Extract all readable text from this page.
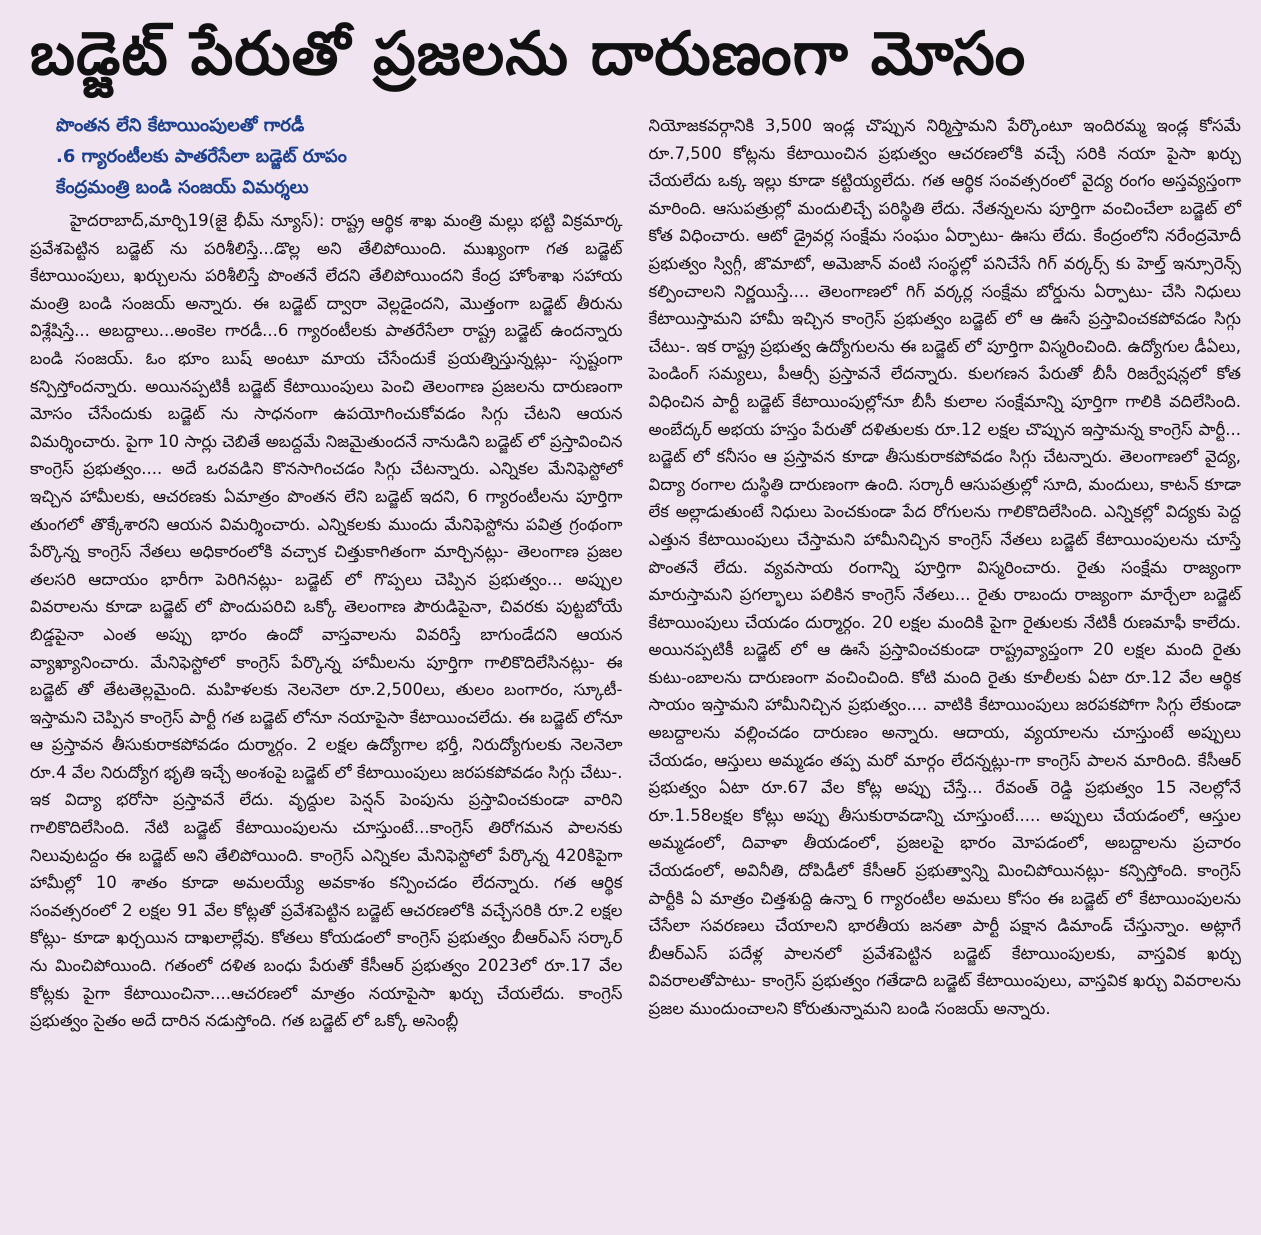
బడ్జెట్ పేరుతో ప్రజలను దారుణంగా మోసం

పొంతన లేని కేటాయింపులతో గారడీ

.6 గ్యారంటీలకు పాతరేసేలా బడ్జెట్ రూపం

కేంద్రమంత్రి బండి సంజయ్ విమర్శలు

హైదరాబాద్,మార్చి19(జై భీమ్ న్యూస్): రాష్ట్ర ఆర్థిక శాఖ మంత్రి మల్లు భట్టి విక్రమార్క ప్రవేశపెట్టిన బడ్జెట్ ను పరిశీలిస్తే...డొల్ల అని తేలిపోయింది. ముఖ్యంగా గత బడ్జెట్ కేటాయింపులు, ఖర్చులను పరిశీలిస్తే పొంతనే లేదని తేలిపోయిందని కేంద్ర హోంశాఖ సహాయ మంత్రి బండి సంజయ్ అన్నారు. ఈ బడ్జెట్ ద్వారా వెల్లడైందని, మొత్తంగా బడ్జెట్ తీరును విశ్లేషిస్తే... అబద్దాలు...అంకెల గారడీ...6 గ్యారంటీలకు పాతరేసేలా రాష్ట్ర బడ్జెట్ ఉందన్నారు బండి సంజయ్. ఓం భూం బుష్ అంటూ మాయ చేసేందుకే ప్రయత్నిస్తున్నట్లు- స్పష్టంగా కన్పిస్తోందన్నారు. అయినప్పటికీ బడ్జెట్ కేటాయింపులు పెంచి తెలంగాణ ప్రజలను దారుణంగా మోసం చేసేందుకు బడ్జెట్ ను సాధనంగా ఉపయోగించుకోవడం సిగ్గు చేటని ఆయన విమర్శించారు. పైగా 10 సార్లు చెబితే అబద్దమే నిజమైతుందనే నానుడిని బడ్జెట్ లో ప్రస్తావించిన కాంగ్రెస్ ప్రభుత్వం.... అదే ఒరవడిని కొనసాగించడం సిగ్గు చేటన్నారు. ఎన్నికల మేనిఫెస్టోలో ఇచ్చిన హామీలకు, ఆచరణకు ఏమాత్రం పొంతన లేని బడ్జెట్ ఇదని, 6 గ్యారంటీలను పూర్తిగా తుంగలో తొక్కేశారని ఆయన విమర్శించారు. ఎన్నికలకు ముందు మేనిఫెస్టోను పవిత్ర గ్రంథంగా పేర్కొన్న కాంగ్రెస్ నేతలు అధికారంలోకి వచ్చాక చిత్తుకాగితంగా మార్చినట్లు- తెలంగాణ ప్రజల తలసరి ఆదాయం భారీగా పెరిగినట్లు- బడ్జెట్ లో గొప్పలు చెప్పిన ప్రభుత్వం... అప్పుల వివరాలను కూడా బడ్జెట్ లో పొందుపరిచి ఒక్కో తెలంగాణ పౌరుడిపైనా, చివరకు పుట్టబోయే బిడ్డపైనా ఎంత అప్పు భారం ఉందో వాస్తవాలను వివరిస్తే బాగుండేదని ఆయన వ్యాఖ్యానించారు. మేనిఫెస్టోలో కాంగ్రెస్ పేర్కొన్న హామీలను పూర్తిగా గాలికొదిలేసినట్లు- ఈ బడ్జెట్ తో తేటతెల్లమైంది. మహిళలకు నెలనెలా రూ.2,500లు, తులం బంగారం, స్కూటీ- ఇస్తామని చెప్పిన కాంగ్రెస్ పార్టీ గత బడ్జెట్ లోనూ నయాపైసా కేటాయించలేదు. ఈ బడ్జెట్ లోనూ ఆ ప్రస్తావన తీసుకురాకపోవడం దుర్మార్గం. 2 లక్షల ఉద్యోగాల భర్తీ, నిరుద్యోగులకు నెలనెలా రూ.4 వేల నిరుద్యోగ భృతి ఇచ్చే అంశంపై బడ్జెట్ లో కేటాయింపులు జరపకపోవడం సిగ్గు చేటు-. ఇక విద్యా భరోసా ప్రస్తావనే లేదు. వృద్దుల పెన్షన్ పెంపును ప్రస్తావించకుండా వారిని గాలికొదిలేసింది. నేటి బడ్జెట్ కేటాయింపులను చూస్తుంటే...కాంగ్రెస్ తిరోగమన పాలనకు నిలువుటద్దం ఈ బడ్జెట్ అని తేలిపోయింది. కాంగ్రెస్ ఎన్నికల మేనిఫెస్టోలో పేర్కొన్న 420కిపైగా హామీల్లో 10 శాతం కూడా అమలయ్యే అవకాశం కన్పించడం లేదన్నారు. గత ఆర్థిక సంవత్సరంలో 2 లక్షల 91 వేల కోట్లతో ప్రవేశపెట్టిన బడ్జెట్ ఆచరణలోకి వచ్చేసరికి రూ.2 లక్షల కోట్లు- కూడా ఖర్చయిన దాఖలాల్లేవు. కోతలు కోయడంలో కాంగ్రెస్ ప్రభుత్వం బీఆర్ఎస్ సర్కార్ ను మించిపోయింది. గతంలో దళిత బంధు పేరుతో కేసీఆర్ ప్రభుత్వం 2023లో రూ.17 వేల కోట్లకు పైగా కేటాయించినా....ఆచరణలో మాత్రం నయాపైసా ఖర్చు చేయలేదు. కాంగ్రెస్ ప్రభుత్వం సైతం అదే దారిన నడుస్తోంది. గత బడ్జెట్ లో ఒక్కో అసెంబ్లీ

నియోజకవర్గానికి 3,500 ఇండ్ల చొప్పున నిర్మిస్తామని పేర్కొంటూ ఇందిరమ్మ ఇండ్ల కోసమే రూ.7,500 కోట్లను కేటాయించిన ప్రభుత్వం ఆచరణలోకి వచ్చే సరికి నయా పైసా ఖర్చు చేయలేదు ఒక్క ఇల్లు కూడా కట్టియ్యలేదు. గత ఆర్థిక సంవత్సరంలో వైద్య రంగం అస్తవ్యస్తంగా మారింది. ఆసుపత్రుల్లో మందులిచ్చే పరిస్థితి లేదు. నేతన్నలను పూర్తిగా వంచించేలా బడ్జెట్ లో కోత విధించారు. ఆటో డ్రైవర్ల సంక్షేమ సంఘం ఏర్పాటు- ఊసు లేదు. కేంద్రంలోని నరేంద్రమోదీ ప్రభుత్వం స్విగ్గీ, జొమాటో, అమెజాన్ వంటి సంస్థల్లో పనిచేసే గిగ్ వర్కర్స్ కు హెల్త్ ఇన్సూరెన్స్ కల్పించాలని నిర్ణయిస్తే.... తెలంగాణలో గిగ్ వర్కర్ల సంక్షేమ బోర్డును ఏర్పాటు- చేసి నిధులు కేటాయిస్తామని హామీ ఇచ్చిన కాంగ్రెస్ ప్రభుత్వం బడ్జెట్ లో ఆ ఊసే ప్రస్తావించకపోవడం సిగ్గు చేటు-. ఇక రాష్ట్ర ప్రభుత్వ ఉద్యోగులను ఈ బడ్జెట్ లో పూర్తిగా విస్మరించింది. ఉద్యోగుల డీఏలు, పెండింగ్ సమ్యలు, పీఆర్సీ ప్రస్తావనే లేదన్నారు. కులగణన పేరుతో బీసీ రిజర్వేషన్లలో కోత విధించిన పార్టీ బడ్జెట్ కేటాయింపుల్లోనూ బీసీ కులాల సంక్షేమాన్ని పూర్తిగా గాలికి వదిలేసింది. అంబేద్కర్ అభయ హస్తం పేరుతో దళితులకు రూ.12 లక్షల చొప్పున ఇస్తామన్న కాంగ్రెస్ పార్టీ... బడ్జెట్ లో కనీసం ఆ ప్రస్తావన కూడా తీసుకురాకపోవడం సిగ్గు చేటన్నారు. తెలంగాణలో వైద్య, విద్యా రంగాల దుస్థితి దారుణంగా ఉంది. సర్కారీ ఆసుపత్రుల్లో సూది, మందులు, కాటన్ కూడా లేక అల్లాడుతుంటే నిధులు పెంచకుండా పేద రోగులను గాలికొదిలేసింది. ఎన్నికల్లో విద్యకు పెద్ద ఎత్తున కేటాయింపులు చేస్తామని హామీనిచ్చిన కాంగ్రెస్ నేతలు బడ్జెట్ కేటాయింపులను చూస్తే పొంతనే లేదు. వ్యవసాయ రంగాన్ని పూర్తిగా విస్మరించారు. రైతు సంక్షేమ రాజ్యంగా మారుస్తామని ప్రగల్భాలు పలికిన కాంగ్రెస్ నేతలు... రైతు రాబందు రాజ్యంగా మార్చేలా బడ్జెట్ కేటాయింపులు చేయడం దుర్మార్గం. 20 లక్షల మందికి పైగా రైతులకు నేటికీ రుణమాఫీ కాలేదు. అయినప్పటికీ బడ్జెట్ లో ఆ ఊసే ప్రస్తావించకుండా రాష్ట్రవ్యాప్తంగా 20 లక్షల మంది రైతు కుటు-ంబాలను దారుణంగా వంచించింది. కోటి మంది రైతు కూలీలకు ఏటా రూ.12 వేల ఆర్థిక సాయం ఇస్తామని హామీనిచ్చిన ప్రభుత్వం.... వాటికి కేటాయింపులు జరపకపోగా సిగ్గు లేకుండా అబద్దాలను వల్లించడం దారుణం అన్నారు. ఆదాయ, వ్యయాలను చూస్తుంటే అప్పులు చేయడం, ఆస్తులు అమ్మడం తప్ప మరో మార్గం లేదన్నట్లు-గా కాంగ్రెస్ పాలన మారింది. కేసీఆర్ ప్రభుత్వం ఏటా రూ.67 వేల కోట్ల అప్పు చేస్తే... రేవంత్ రెడ్డి ప్రభుత్వం 15 నెలల్లోనే రూ.1.58లక్షల కోట్లు అప్పు తీసుకురావడాన్ని చూస్తుంటే..... అప్పులు చేయడంలో, ఆస్తుల అమ్మడంలో, దివాళా తీయడంలో, ప్రజలపై భారం మోపడంలో, అబద్దాలను ప్రచారం చేయడంలో, అవినీతి, దోపిడీలో కేసీఆర్ ప్రభుత్వాన్ని మించిపోయినట్లు- కన్పిస్తోంది. కాంగ్రెస్ పార్టీకి ఏ మాత్రం చిత్తశుద్ది ఉన్నా 6 గ్యారంటీల అమలు కోసం ఈ బడ్జెట్ లో కేటాయింపులను చేసేలా సవరణలు చేయాలని భారతీయ జనతా పార్టీ పక్షాన డిమాండ్ చేస్తున్నాం. అట్లాగే బీఆర్ఎస్ పదేళ్ల పాలనలో ప్రవేశపెట్టిన బడ్జెట్ కేటాయింపులకు, వాస్తవిక ఖర్చు వివరాలతోపాటు- కాంగ్రెస్ ప్రభుత్వం గతేడాది బడ్జెట్ కేటాయింపులు, వాస్తవిక ఖర్చు వివరాలను ప్రజల ముందుంచాలని కోరుతున్నామని బండి సంజయ్ అన్నారు.
